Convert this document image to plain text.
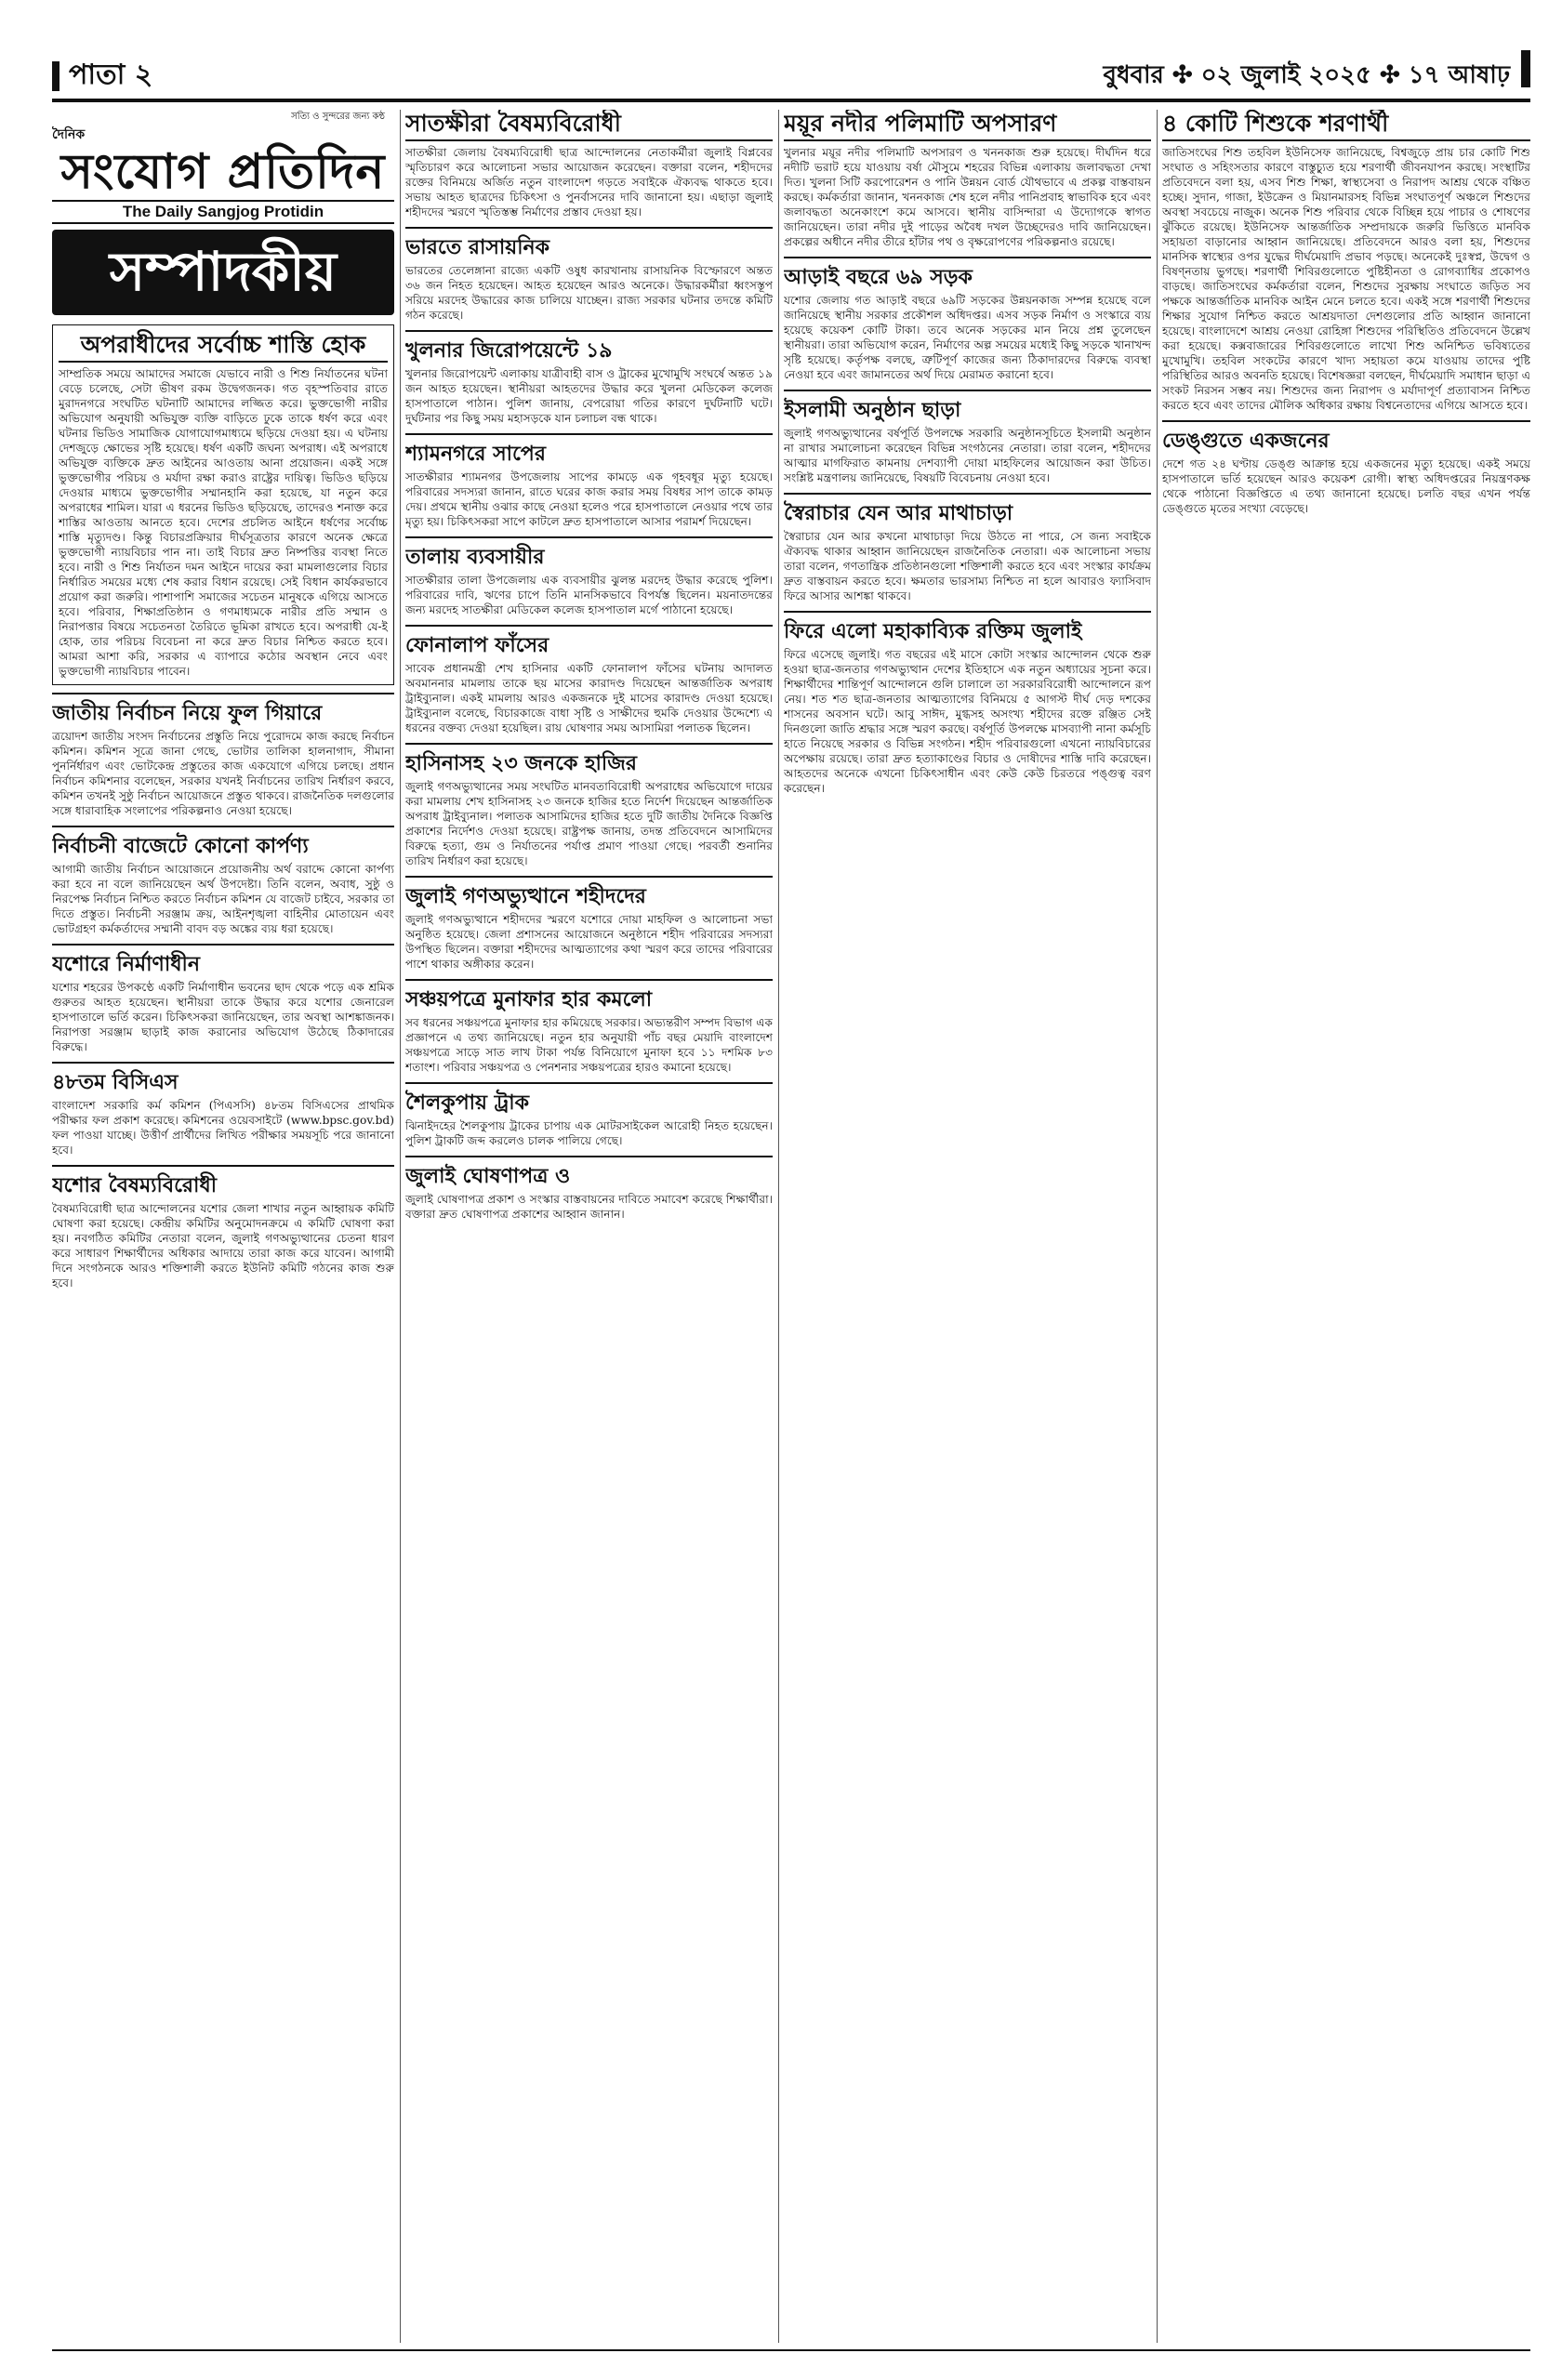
পাতা ২	বুধবার ✣ ০২ জুলাই ২০২৫ ✣ ১৭ আষাঢ়
সত্যি ও সুন্দরের জন্য কন্ঠ
দৈনিক
সংযোগ প্রতিদিন
The Daily Sangjog Protidin
সম্পাদকীয়
অপরাধীদের সর্বোচ্চ শাস্তি হোক

সাম্প্রতিক সময়ে আমাদের সমাজে যেভাবে নারী ও শিশু নির্যাতনের ঘটনা বেড়ে চলেছে, সেটা ভীষণ রকম উদ্বেগজনক। গত বৃহস্পতিবার রাতে মুরাদনগরে সংঘটিত ঘটনাটি আমাদের লজ্জিত করে। ভুক্তভোগী নারীর অভিযোগ অনুযায়ী অভিযুক্ত ব্যক্তি বাড়িতে ঢুকে তাকে ধর্ষণ করে এবং ঘটনার ভিডিও সামাজিক যোগাযোগমাধ্যমে ছড়িয়ে দেওয়া হয়। এ ঘটনায় দেশজুড়ে ক্ষোভের সৃষ্টি হয়েছে। ধর্ষণ একটি জঘন্য অপরাধ। এই অপরাধে অভিযুক্ত ব্যক্তিকে দ্রুত আইনের আওতায় আনা প্রয়োজন। একই সঙ্গে ভুক্তভোগীর পরিচয় ও মর্যাদা রক্ষা করাও রাষ্ট্রের দায়িত্ব। ভিডিও ছড়িয়ে দেওয়ার মাধ্যমে ভুক্তভোগীর সম্মানহানি করা হয়েছে, যা নতুন করে অপরাধের শামিল। যারা এ ধরনের ভিডিও ছড়িয়েছে, তাদেরও শনাক্ত করে শাস্তির আওতায় আনতে হবে। দেশের প্রচলিত আইনে ধর্ষণের সর্বোচ্চ শাস্তি মৃত্যুদণ্ড। কিন্তু বিচারপ্রক্রিয়ার দীর্ঘসূত্রতার কারণে অনেক ক্ষেত্রে ভুক্তভোগী ন্যায়বিচার পান না। তাই বিচার দ্রুত নিষ্পত্তির ব্যবস্থা নিতে হবে। নারী ও শিশু নির্যাতন দমন আইনে দায়ের করা মামলাগুলোর বিচার নির্ধারিত সময়ের মধ্যে শেষ করার বিধান রয়েছে। সেই বিধান কার্যকরভাবে প্রয়োগ করা জরুরি। পাশাপাশি সমাজের সচেতন মানুষকে এগিয়ে আসতে হবে। পরিবার, শিক্ষাপ্রতিষ্ঠান ও গণমাধ্যমকে নারীর প্রতি সম্মান ও নিরাপত্তার বিষয়ে সচেতনতা তৈরিতে ভূমিকা রাখতে হবে। অপরাধী যে-ই হোক, তার পরিচয় বিবেচনা না করে দ্রুত বিচার নিশ্চিত করতে হবে। আমরা আশা করি, সরকার এ ব্যাপারে কঠোর অবস্থান নেবে এবং ভুক্তভোগী ন্যায়বিচার পাবেন।

জাতীয় নির্বাচন নিয়ে ফুল গিয়ারে

ত্রয়োদশ জাতীয় সংসদ নির্বাচনের প্রস্তুতি নিয়ে পুরোদমে কাজ করছে নির্বাচন কমিশন। কমিশন সূত্রে জানা গেছে, ভোটার তালিকা হালনাগাদ, সীমানা পুনর্নির্ধারণ এবং ভোটকেন্দ্র প্রস্তুতের কাজ একযোগে এগিয়ে চলছে। প্রধান নির্বাচন কমিশনার বলেছেন, সরকার যখনই নির্বাচনের তারিখ নির্ধারণ করবে, কমিশন তখনই সুষ্ঠু নির্বাচন আয়োজনে প্রস্তুত থাকবে। রাজনৈতিক দলগুলোর সঙ্গে ধারাবাহিক সংলাপের পরিকল্পনাও নেওয়া হয়েছে।

নির্বাচনী বাজেটে কোনো কার্পণ্য

আগামী জাতীয় নির্বাচন আয়োজনে প্রয়োজনীয় অর্থ বরাদ্দে কোনো কার্পণ্য করা হবে না বলে জানিয়েছেন অর্থ উপদেষ্টা। তিনি বলেন, অবাধ, সুষ্ঠু ও নিরপেক্ষ নির্বাচন নিশ্চিত করতে নির্বাচন কমিশন যে বাজেট চাইবে, সরকার তা দিতে প্রস্তুত। নির্বাচনী সরঞ্জাম ক্রয়, আইনশৃঙ্খলা বাহিনীর মোতায়েন এবং ভোটগ্রহণ কর্মকর্তাদের সম্মানী বাবদ বড় অঙ্কের ব্যয় ধরা হয়েছে।

যশোরে নির্মাণাধীন

যশোর শহরের উপকণ্ঠে একটি নির্মাণাধীন ভবনের ছাদ থেকে পড়ে এক শ্রমিক গুরুতর আহত হয়েছেন। স্থানীয়রা তাকে উদ্ধার করে যশোর জেনারেল হাসপাতালে ভর্তি করেন। চিকিৎসকরা জানিয়েছেন, তার অবস্থা আশঙ্কাজনক। নিরাপত্তা সরঞ্জাম ছাড়াই কাজ করানোর অভিযোগ উঠেছে ঠিকাদারের বিরুদ্ধে।

৪৮তম বিসিএস

বাংলাদেশ সরকারি কর্ম কমিশন (পিএসসি) ৪৮তম বিসিএসের প্রাথমিক পরীক্ষার ফল প্রকাশ করেছে। কমিশনের ওয়েবসাইটে (www.bpsc.gov.bd) ফল পাওয়া যাচ্ছে। উত্তীর্ণ প্রার্থীদের লিখিত পরীক্ষার সময়সূচি পরে জানানো হবে।

যশোর বৈষম্যবিরোধী

বৈষম্যবিরোধী ছাত্র আন্দোলনের যশোর জেলা শাখার নতুন আহ্বায়ক কমিটি ঘোষণা করা হয়েছে। কেন্দ্রীয় কমিটির অনুমোদনক্রমে এ কমিটি ঘোষণা করা হয়। নবগঠিত কমিটির নেতারা বলেন, জুলাই গণঅভ্যুত্থানের চেতনা ধারণ করে সাধারণ শিক্ষার্থীদের অধিকার আদায়ে তারা কাজ করে যাবেন। আগামী দিনে সংগঠনকে আরও শক্তিশালী করতে ইউনিট কমিটি গঠনের কাজ শুরু হবে।

সাতক্ষীরা বৈষম্যবিরোধী

সাতক্ষীরা জেলায় বৈষম্যবিরোধী ছাত্র আন্দোলনের নেতাকর্মীরা জুলাই বিপ্লবের স্মৃতিচারণ করে আলোচনা সভার আয়োজন করেছেন। বক্তারা বলেন, শহীদদের রক্তের বিনিময়ে অর্জিত নতুন বাংলাদেশ গড়তে সবাইকে ঐক্যবদ্ধ থাকতে হবে। সভায় আহত ছাত্রদের চিকিৎসা ও পুনর্বাসনের দাবি জানানো হয়। এছাড়া জুলাই শহীদদের স্মরণে স্মৃতিস্তম্ভ নির্মাণের প্রস্তাব দেওয়া হয়।

ভারতে রাসায়নিক

ভারতের তেলেঙ্গানা রাজ্যে একটি ওষুধ কারখানায় রাসায়নিক বিস্ফোরণে অন্তত ৩৬ জন নিহত হয়েছেন। আহত হয়েছেন আরও অনেকে। উদ্ধারকর্মীরা ধ্বংসস্তূপ সরিয়ে মরদেহ উদ্ধারের কাজ চালিয়ে যাচ্ছেন। রাজ্য সরকার ঘটনার তদন্তে কমিটি গঠন করেছে।

খুলনার জিরোপয়েন্টে ১৯

খুলনার জিরোপয়েন্ট এলাকায় যাত্রীবাহী বাস ও ট্রাকের মুখোমুখি সংঘর্ষে অন্তত ১৯ জন আহত হয়েছেন। স্থানীয়রা আহতদের উদ্ধার করে খুলনা মেডিকেল কলেজ হাসপাতালে পাঠান। পুলিশ জানায়, বেপরোয়া গতির কারণে দুর্ঘটনাটি ঘটে। দুর্ঘটনার পর কিছু সময় মহাসড়কে যান চলাচল বন্ধ থাকে।

শ্যামনগরে সাপের

সাতক্ষীরার শ্যামনগর উপজেলায় সাপের কামড়ে এক গৃহবধূর মৃত্যু হয়েছে। পরিবারের সদস্যরা জানান, রাতে ঘরের কাজ করার সময় বিষধর সাপ তাকে কামড় দেয়। প্রথমে স্থানীয় ওঝার কাছে নেওয়া হলেও পরে হাসপাতালে নেওয়ার পথে তার মৃত্যু হয়। চিকিৎসকরা সাপে কাটলে দ্রুত হাসপাতালে আসার পরামর্শ দিয়েছেন।

তালায় ব্যবসায়ীর

সাতক্ষীরার তালা উপজেলায় এক ব্যবসায়ীর ঝুলন্ত মরদেহ উদ্ধার করেছে পুলিশ। পরিবারের দাবি, ঋণের চাপে তিনি মানসিকভাবে বিপর্যস্ত ছিলেন। ময়নাতদন্তের জন্য মরদেহ সাতক্ষীরা মেডিকেল কলেজ হাসপাতাল মর্গে পাঠানো হয়েছে।

ফোনালাপ ফাঁসের

সাবেক প্রধানমন্ত্রী শেখ হাসিনার একটি ফোনালাপ ফাঁসের ঘটনায় আদালত অবমাননার মামলায় তাকে ছয় মাসের কারাদণ্ড দিয়েছেন আন্তর্জাতিক অপরাধ ট্রাইব্যুনাল। একই মামলায় আরও একজনকে দুই মাসের কারাদণ্ড দেওয়া হয়েছে। ট্রাইব্যুনাল বলেছে, বিচারকাজে বাধা সৃষ্টি ও সাক্ষীদের হুমকি দেওয়ার উদ্দেশ্যে এ ধরনের বক্তব্য দেওয়া হয়েছিল। রায় ঘোষণার সময় আসামিরা পলাতক ছিলেন।

হাসিনাসহ ২৩ জনকে হাজির

জুলাই গণঅভ্যুত্থানের সময় সংঘটিত মানবতাবিরোধী অপরাধের অভিযোগে দায়ের করা মামলায় শেখ হাসিনাসহ ২৩ জনকে হাজির হতে নির্দেশ দিয়েছেন আন্তর্জাতিক অপরাধ ট্রাইব্যুনাল। পলাতক আসামিদের হাজির হতে দুটি জাতীয় দৈনিকে বিজ্ঞপ্তি প্রকাশের নির্দেশও দেওয়া হয়েছে। রাষ্ট্রপক্ষ জানায়, তদন্ত প্রতিবেদনে আসামিদের বিরুদ্ধে হত্যা, গুম ও নির্যাতনের পর্যাপ্ত প্রমাণ পাওয়া গেছে। পরবর্তী শুনানির তারিখ নির্ধারণ করা হয়েছে।

জুলাই গণঅভ্যুত্থানে শহীদদের

জুলাই গণঅভ্যুত্থানে শহীদদের স্মরণে যশোরে দোয়া মাহফিল ও আলোচনা সভা অনুষ্ঠিত হয়েছে। জেলা প্রশাসনের আয়োজনে অনুষ্ঠানে শহীদ পরিবারের সদস্যরা উপস্থিত ছিলেন। বক্তারা শহীদদের আত্মত্যাগের কথা স্মরণ করে তাদের পরিবারের পাশে থাকার অঙ্গীকার করেন।

সঞ্চয়পত্রে মুনাফার হার কমলো

সব ধরনের সঞ্চয়পত্রে মুনাফার হার কমিয়েছে সরকার। অভ্যন্তরীণ সম্পদ বিভাগ এক প্রজ্ঞাপনে এ তথ্য জানিয়েছে। নতুন হার অনুযায়ী পাঁচ বছর মেয়াদি বাংলাদেশ সঞ্চয়পত্রে সাড়ে সাত লাখ টাকা পর্যন্ত বিনিয়োগে মুনাফা হবে ১১ দশমিক ৮৩ শতাংশ। পরিবার সঞ্চয়পত্র ও পেনশনার সঞ্চয়পত্রের হারও কমানো হয়েছে।

শৈলকুপায় ট্রাক

ঝিনাইদহের শৈলকুপায় ট্রাকের চাপায় এক মোটরসাইকেল আরোহী নিহত হয়েছেন। পুলিশ ট্রাকটি জব্দ করলেও চালক পালিয়ে গেছে।

জুলাই ঘোষণাপত্র ও

জুলাই ঘোষণাপত্র প্রকাশ ও সংস্কার বাস্তবায়নের দাবিতে সমাবেশ করেছে শিক্ষার্থীরা। বক্তারা দ্রুত ঘোষণাপত্র প্রকাশের আহ্বান জানান।

ময়ূর নদীর পলিমাটি অপসারণ

খুলনার ময়ূর নদীর পলিমাটি অপসারণ ও খননকাজ শুরু হয়েছে। দীর্ঘদিন ধরে নদীটি ভরাট হয়ে যাওয়ায় বর্ষা মৌসুমে শহরের বিভিন্ন এলাকায় জলাবদ্ধতা দেখা দিত। খুলনা সিটি করপোরেশন ও পানি উন্নয়ন বোর্ড যৌথভাবে এ প্রকল্প বাস্তবায়ন করছে। কর্মকর্তারা জানান, খননকাজ শেষ হলে নদীর পানিপ্রবাহ স্বাভাবিক হবে এবং জলাবদ্ধতা অনেকাংশে কমে আসবে। স্থানীয় বাসিন্দারা এ উদ্যোগকে স্বাগত জানিয়েছেন। তারা নদীর দুই পাড়ের অবৈধ দখল উচ্ছেদেরও দাবি জানিয়েছেন। প্রকল্পের অধীনে নদীর তীরে হাঁটার পথ ও বৃক্ষরোপণের পরিকল্পনাও রয়েছে।

আড়াই বছরে ৬৯ সড়ক

যশোর জেলায় গত আড়াই বছরে ৬৯টি সড়কের উন্নয়নকাজ সম্পন্ন হয়েছে বলে জানিয়েছে স্থানীয় সরকার প্রকৌশল অধিদপ্তর। এসব সড়ক নির্মাণ ও সংস্কারে ব্যয় হয়েছে কয়েকশ কোটি টাকা। তবে অনেক সড়কের মান নিয়ে প্রশ্ন তুলেছেন স্থানীয়রা। তারা অভিযোগ করেন, নির্মাণের অল্প সময়ের মধ্যেই কিছু সড়কে খানাখন্দ সৃষ্টি হয়েছে। কর্তৃপক্ষ বলছে, ত্রুটিপূর্ণ কাজের জন্য ঠিকাদারদের বিরুদ্ধে ব্যবস্থা নেওয়া হবে এবং জামানতের অর্থ দিয়ে মেরামত করানো হবে।

ইসলামী অনুষ্ঠান ছাড়া

জুলাই গণঅভ্যুত্থানের বর্ষপূর্তি উপলক্ষে সরকারি অনুষ্ঠানসূচিতে ইসলামী অনুষ্ঠান না রাখার সমালোচনা করেছেন বিভিন্ন সংগঠনের নেতারা। তারা বলেন, শহীদদের আত্মার মাগফিরাত কামনায় দেশব্যাপী দোয়া মাহফিলের আয়োজন করা উচিত। সংশ্লিষ্ট মন্ত্রণালয় জানিয়েছে, বিষয়টি বিবেচনায় নেওয়া হবে।

স্বৈরাচার যেন আর মাথাচাড়া

স্বৈরাচার যেন আর কখনো মাথাচাড়া দিয়ে উঠতে না পারে, সে জন্য সবাইকে ঐক্যবদ্ধ থাকার আহ্বান জানিয়েছেন রাজনৈতিক নেতারা। এক আলোচনা সভায় তারা বলেন, গণতান্ত্রিক প্রতিষ্ঠানগুলো শক্তিশালী করতে হবে এবং সংস্কার কার্যক্রম দ্রুত বাস্তবায়ন করতে হবে। ক্ষমতার ভারসাম্য নিশ্চিত না হলে আবারও ফ্যাসিবাদ ফিরে আসার আশঙ্কা থাকবে।

ফিরে এলো মহাকাব্যিক রক্তিম জুলাই

ফিরে এসেছে জুলাই। গত বছরের এই মাসে কোটা সংস্কার আন্দোলন থেকে শুরু হওয়া ছাত্র-জনতার গণঅভ্যুত্থান দেশের ইতিহাসে এক নতুন অধ্যায়ের সূচনা করে। শিক্ষার্থীদের শান্তিপূর্ণ আন্দোলনে গুলি চালালে তা সরকারবিরোধী আন্দোলনে রূপ নেয়। শত শত ছাত্র-জনতার আত্মত্যাগের বিনিময়ে ৫ আগস্ট দীর্ঘ দেড় দশকের শাসনের অবসান ঘটে। আবু সাঈদ, মুগ্ধসহ অসংখ্য শহীদের রক্তে রঞ্জিত সেই দিনগুলো জাতি শ্রদ্ধার সঙ্গে স্মরণ করছে। বর্ষপূর্তি উপলক্ষে মাসব্যাপী নানা কর্মসূচি হাতে নিয়েছে সরকার ও বিভিন্ন সংগঠন। শহীদ পরিবারগুলো এখনো ন্যায়বিচারের অপেক্ষায় রয়েছে। তারা দ্রুত হত্যাকাণ্ডের বিচার ও দোষীদের শাস্তি দাবি করেছেন। আহতদের অনেকে এখনো চিকিৎসাধীন এবং কেউ কেউ চিরতরে পঙ্গুত্ব বরণ করেছেন।

৪ কোটি শিশুকে শরণার্থী

জাতিসংঘের শিশু তহবিল ইউনিসেফ জানিয়েছে, বিশ্বজুড়ে প্রায় চার কোটি শিশু সংঘাত ও সহিংসতার কারণে বাস্তুচ্যুত হয়ে শরণার্থী জীবনযাপন করছে। সংস্থাটির প্রতিবেদনে বলা হয়, এসব শিশু শিক্ষা, স্বাস্থ্যসেবা ও নিরাপদ আশ্রয় থেকে বঞ্চিত হচ্ছে। সুদান, গাজা, ইউক্রেন ও মিয়ানমারসহ বিভিন্ন সংঘাতপূর্ণ অঞ্চলে শিশুদের অবস্থা সবচেয়ে নাজুক। অনেক শিশু পরিবার থেকে বিচ্ছিন্ন হয়ে পাচার ও শোষণের ঝুঁকিতে রয়েছে। ইউনিসেফ আন্তর্জাতিক সম্প্রদায়কে জরুরি ভিত্তিতে মানবিক সহায়তা বাড়ানোর আহ্বান জানিয়েছে। প্রতিবেদনে আরও বলা হয়, শিশুদের মানসিক স্বাস্থ্যের ওপর যুদ্ধের দীর্ঘমেয়াদি প্রভাব পড়ছে। অনেকেই দুঃস্বপ্ন, উদ্বেগ ও বিষণ্নতায় ভুগছে। শরণার্থী শিবিরগুলোতে পুষ্টিহীনতা ও রোগব্যাধির প্রকোপও বাড়ছে। জাতিসংঘের কর্মকর্তারা বলেন, শিশুদের সুরক্ষায় সংঘাতে জড়িত সব পক্ষকে আন্তর্জাতিক মানবিক আইন মেনে চলতে হবে। একই সঙ্গে শরণার্থী শিশুদের শিক্ষার সুযোগ নিশ্চিত করতে আশ্রয়দাতা দেশগুলোর প্রতি আহ্বান জানানো হয়েছে। বাংলাদেশে আশ্রয় নেওয়া রোহিঙ্গা শিশুদের পরিস্থিতিও প্রতিবেদনে উল্লেখ করা হয়েছে। কক্সবাজারের শিবিরগুলোতে লাখো শিশু অনিশ্চিত ভবিষ্যতের মুখোমুখি। তহবিল সংকটের কারণে খাদ্য সহায়তা কমে যাওয়ায় তাদের পুষ্টি পরিস্থিতির আরও অবনতি হয়েছে। বিশেষজ্ঞরা বলছেন, দীর্ঘমেয়াদি সমাধান ছাড়া এ সংকট নিরসন সম্ভব নয়। শিশুদের জন্য নিরাপদ ও মর্যাদাপূর্ণ প্রত্যাবাসন নিশ্চিত করতে হবে এবং তাদের মৌলিক অধিকার রক্ষায় বিশ্বনেতাদের এগিয়ে আসতে হবে।

ডেঙ্গুতে একজনের

দেশে গত ২৪ ঘণ্টায় ডেঙ্গু আক্রান্ত হয়ে একজনের মৃত্যু হয়েছে। একই সময়ে হাসপাতালে ভর্তি হয়েছেন আরও কয়েকশ রোগী। স্বাস্থ্য অধিদপ্তরের নিয়ন্ত্রণকক্ষ থেকে পাঠানো বিজ্ঞপ্তিতে এ তথ্য জানানো হয়েছে। চলতি বছর এখন পর্যন্ত ডেঙ্গুতে মৃতের সংখ্যা বেড়েছে।
